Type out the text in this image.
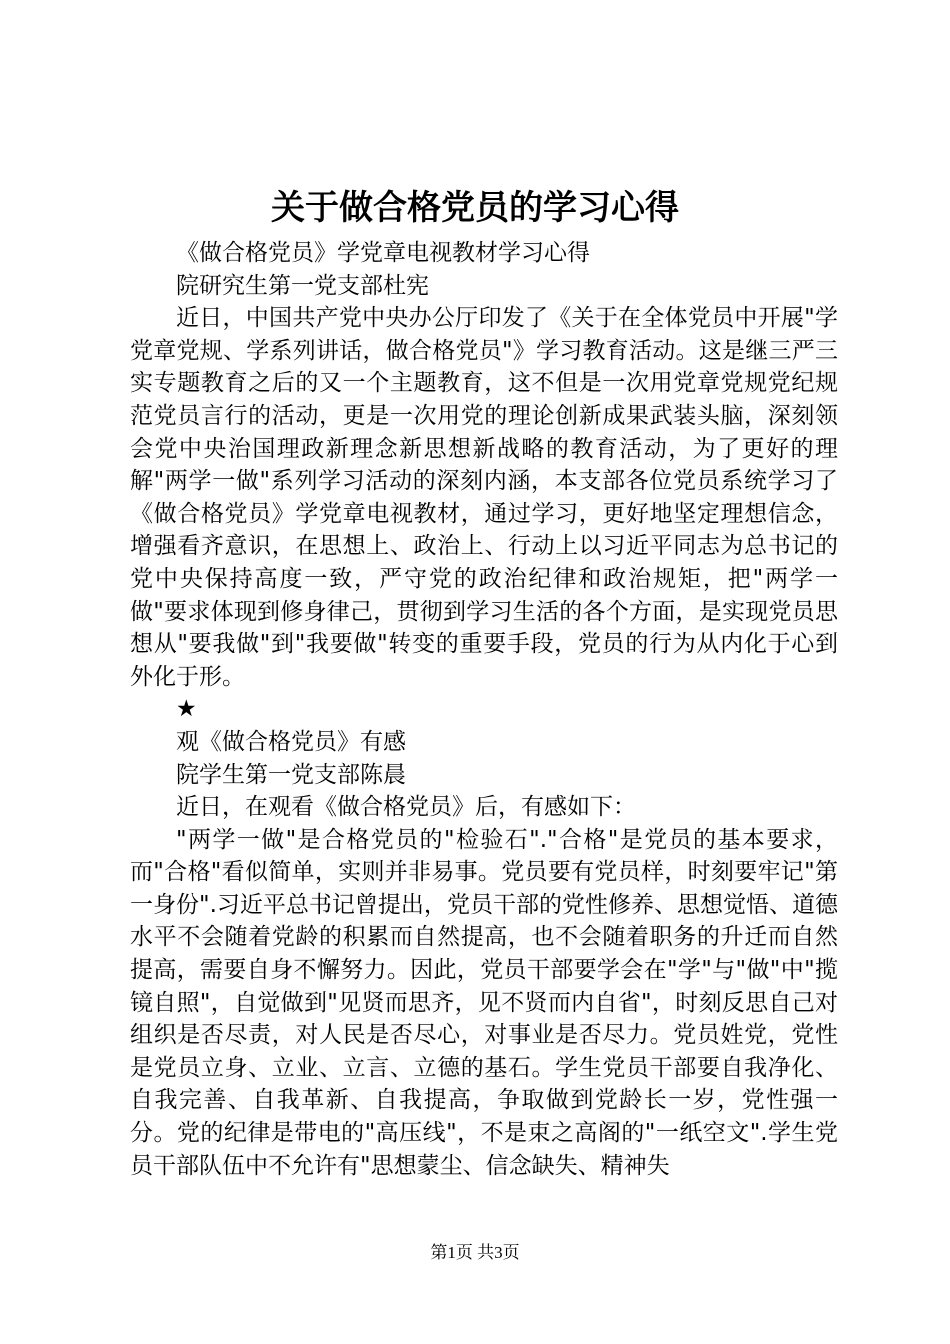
关于做合格党员的学习心得

《做合格党员》学党章电视教材学习心得

院研究生第一党支部杜宪

近日，中国共产党中央办公厅印发了《关于在全体党员中开展"学党章党规、学系列讲话，做合格党员"》学习教育活动。这是继三严三实专题教育之后的又一个主题教育，这不但是一次用党章党规党纪规范党员言行的活动，更是一次用党的理论创新成果武装头脑，深刻领会党中央治国理政新理念新思想新战略的教育活动，为了更好的理解"两学一做"系列学习活动的深刻内涵，本支部各位党员系统学习了《做合格党员》学党章电视教材，通过学习，更好地坚定理想信念，增强看齐意识，在思想上、政治上、行动上以习近平同志为总书记的党中央保持高度一致，严守党的政治纪律和政治规矩，把"两学一做"要求体现到修身律己，贯彻到学习生活的各个方面，是实现党员思想从"要我做"到"我要做"转变的重要手段，党员的行为从内化于心到外化于形。

★

观《做合格党员》有感

院学生第一党支部陈晨

近日，在观看《做合格党员》后，有感如下：

"两学一做"是合格党员的"检验石"."合格"是党员的基本要求，而"合格"看似简单，实则并非易事。党员要有党员样，时刻要牢记"第一身份".习近平总书记曾提出，党员干部的党性修养、思想觉悟、道德水平不会随着党龄的积累而自然提高，也不会随着职务的升迁而自然提高，需要自身不懈努力。因此，党员干部要学会在"学"与"做"中"揽镜自照"，自觉做到"见贤而思齐，见不贤而内自省"，时刻反思自己对组织是否尽责，对人民是否尽心，对事业是否尽力。党员姓党，党性是党员立身、立业、立言、立德的基石。学生党员干部要自我净化、自我完善、自我革新、自我提高，争取做到党龄长一岁，党性强一分。党的纪律是带电的"高压线"，不是束之高阁的"一纸空文".学生党员干部队伍中不允许有"思想蒙尘、信念缺失、精神失

第1页 共3页
